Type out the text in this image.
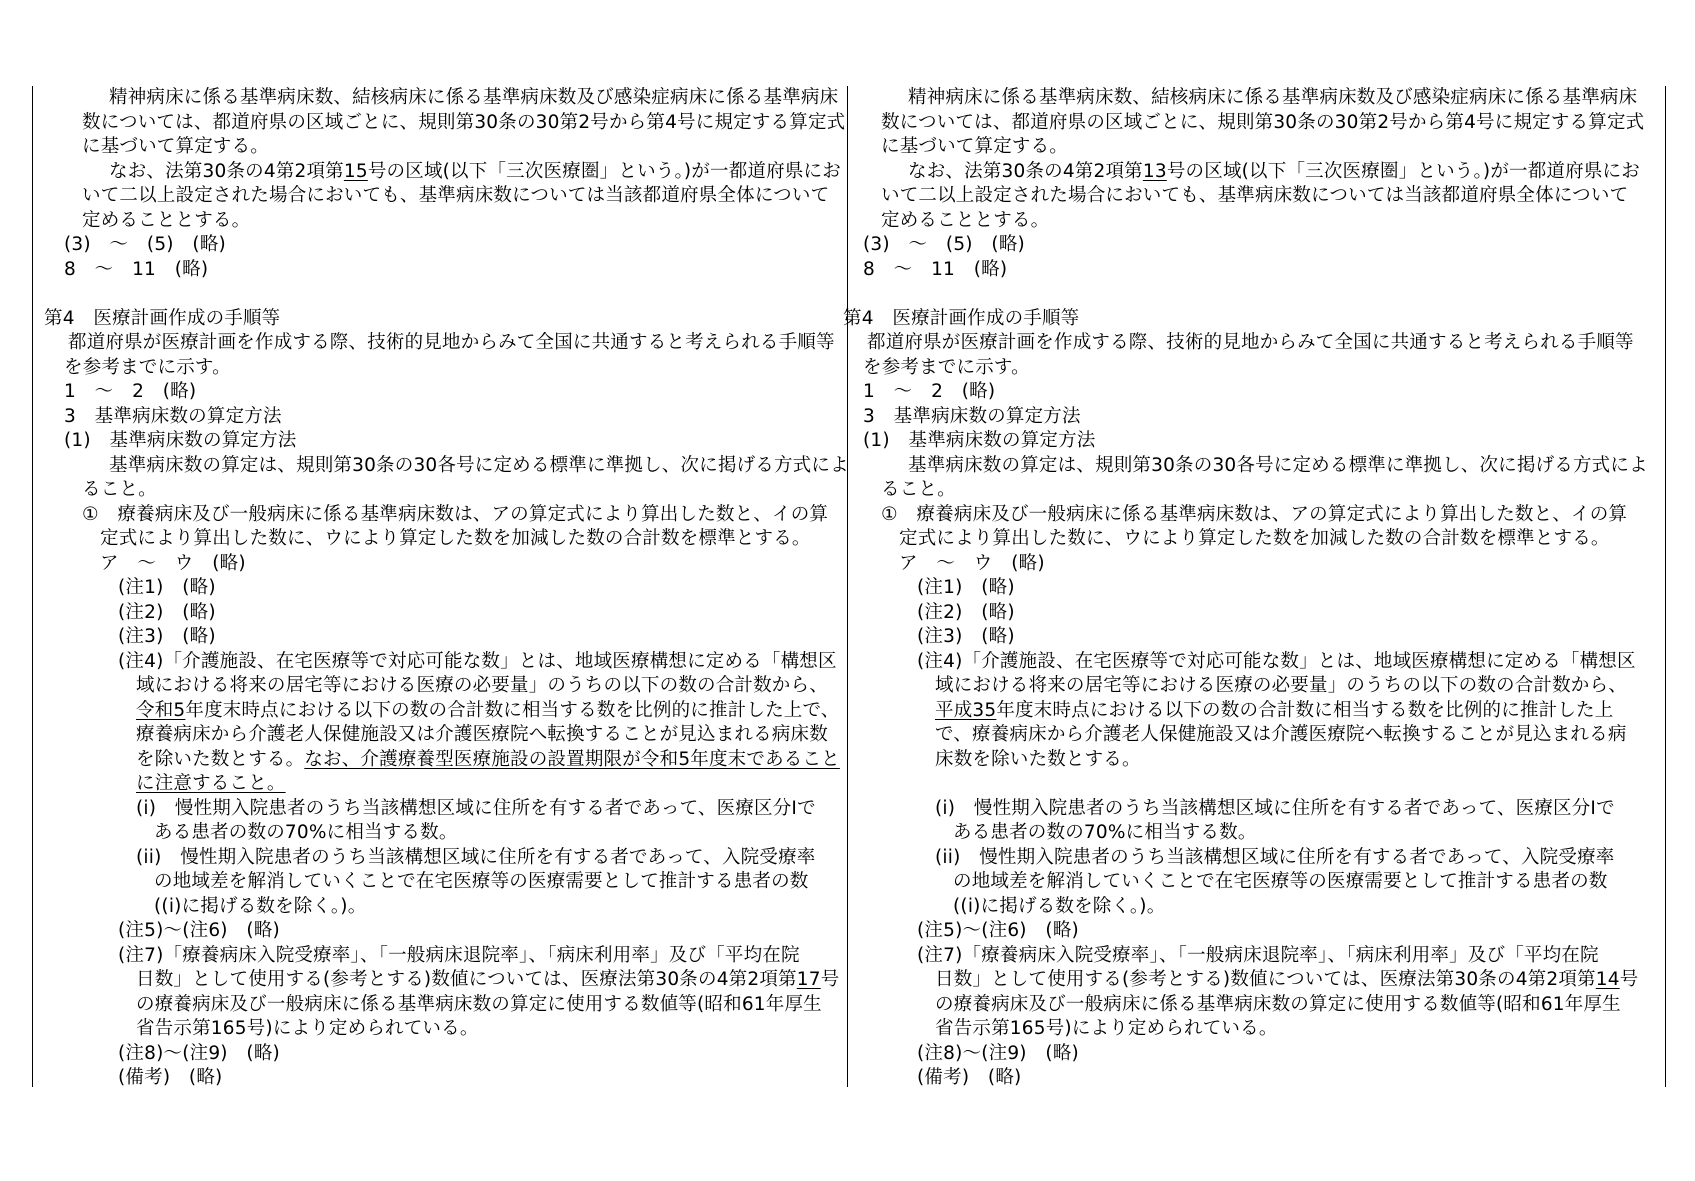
精神病床に係る基準病床数、結核病床に係る基準病床数及び感染症病床に係る基準病床
数については、都道府県の区域ごとに、規則第30条の30第2号から第4号に規定する算定式
に基づいて算定する。
なお、法第30条の4第2項第15号の区域(以下「三次医療圏」という。)が一都道府県にお
いて二以上設定された場合においても、基準病床数については当該都道府県全体について
定めることとする。
(3)　～　(5)　(略)
8　～　11　(略)
第4　医療計画作成の手順等
都道府県が医療計画を作成する際、技術的見地からみて全国に共通すると考えられる手順等
を参考までに示す。
1　～　2　(略)
3　基準病床数の算定方法
(1)　基準病床数の算定方法
基準病床数の算定は、規則第30条の30各号に定める標準に準拠し、次に掲げる方式によ
ること。
①　療養病床及び一般病床に係る基準病床数は、アの算定式により算出した数と、イの算
定式により算出した数に、ウにより算定した数を加減した数の合計数を標準とする。
ア　～　ウ　(略)
(注1)　(略)
(注2)　(略)
(注3)　(略)
(注4)「介護施設、在宅医療等で対応可能な数」とは、地域医療構想に定める「構想区
域における将来の居宅等における医療の必要量」のうちの以下の数の合計数から、
令和5年度末時点における以下の数の合計数に相当する数を比例的に推計した上で、
療養病床から介護老人保健施設又は介護医療院へ転換することが見込まれる病床数
を除いた数とする。なお、介護療養型医療施設の設置期限が令和5年度末であること
に注意すること。
(i)　慢性期入院患者のうち当該構想区域に住所を有する者であって、医療区分Ⅰで
ある患者の数の70%に相当する数。
(ii)　慢性期入院患者のうち当該構想区域に住所を有する者であって、入院受療率
の地域差を解消していくことで在宅医療等の医療需要として推計する患者の数
((i)に掲げる数を除く。)。
(注5)～(注6)　(略)
(注7)「療養病床入院受療率」、「一般病床退院率」、「病床利用率」及び「平均在院
日数」として使用する(参考とする)数値については、医療法第30条の4第2項第17号
の療養病床及び一般病床に係る基準病床数の算定に使用する数値等(昭和61年厚生
省告示第165号)により定められている。
(注8)～(注9)　(略)
(備考)　(略)
精神病床に係る基準病床数、結核病床に係る基準病床数及び感染症病床に係る基準病床
数については、都道府県の区域ごとに、規則第30条の30第2号から第4号に規定する算定式
に基づいて算定する。
なお、法第30条の4第2項第13号の区域(以下「三次医療圏」という。)が一都道府県にお
いて二以上設定された場合においても、基準病床数については当該都道府県全体について
定めることとする。
(3)　～　(5)　(略)
8　～　11　(略)
第4　医療計画作成の手順等
都道府県が医療計画を作成する際、技術的見地からみて全国に共通すると考えられる手順等
を参考までに示す。
1　～　2　(略)
3　基準病床数の算定方法
(1)　基準病床数の算定方法
基準病床数の算定は、規則第30条の30各号に定める標準に準拠し、次に掲げる方式によ
ること。
①　療養病床及び一般病床に係る基準病床数は、アの算定式により算出した数と、イの算
定式により算出した数に、ウにより算定した数を加減した数の合計数を標準とする。
ア　～　ウ　(略)
(注1)　(略)
(注2)　(略)
(注3)　(略)
(注4)「介護施設、在宅医療等で対応可能な数」とは、地域医療構想に定める「構想区
域における将来の居宅等における医療の必要量」のうちの以下の数の合計数から、
平成35年度末時点における以下の数の合計数に相当する数を比例的に推計した上
で、療養病床から介護老人保健施設又は介護医療院へ転換することが見込まれる病
床数を除いた数とする。
(i)　慢性期入院患者のうち当該構想区域に住所を有する者であって、医療区分Ⅰで
ある患者の数の70%に相当する数。
(ii)　慢性期入院患者のうち当該構想区域に住所を有する者であって、入院受療率
の地域差を解消していくことで在宅医療等の医療需要として推計する患者の数
((i)に掲げる数を除く。)。
(注5)～(注6)　(略)
(注7)「療養病床入院受療率」、「一般病床退院率」、「病床利用率」及び「平均在院
日数」として使用する(参考とする)数値については、医療法第30条の4第2項第14号
の療養病床及び一般病床に係る基準病床数の算定に使用する数値等(昭和61年厚生
省告示第165号)により定められている。
(注8)～(注9)　(略)
(備考)　(略)
